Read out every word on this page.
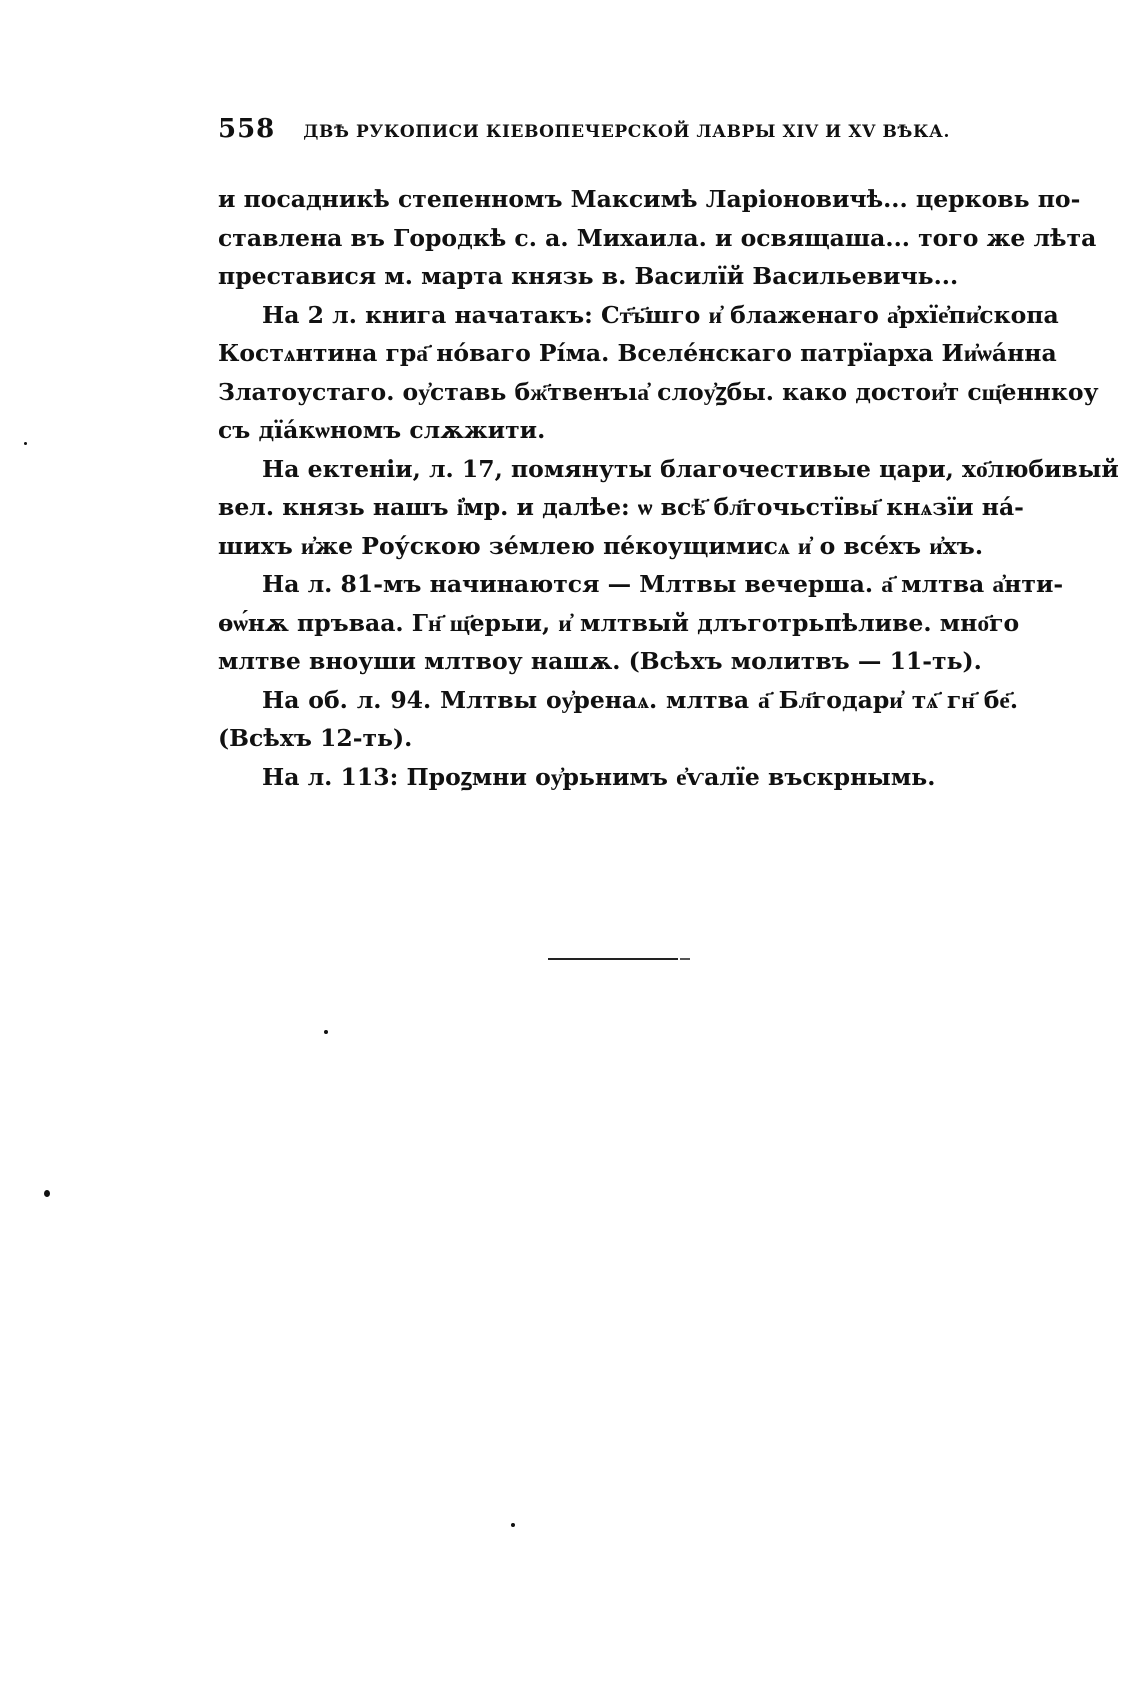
558 ДВѢ РУКОПИСИ КІЕВОПЕЧЕРСКОЙ ЛАВРЫ XIV И XV ВѢКА.
и посадникѣ степенномъ Максимѣ Ларіоновичѣ... церковь по-
ставлена въ Городкѣ с. а. Михаила. и освящаша... того же лѣта
преставися м. марта князь в. Василїй Васильевичь...
На 2 л. книга начатакъ: Ст҃ъ҃шго и҆ блаженаго а҆рхїе҆пи҆скопа
Костѧнтина гра҃ но́ваго Рі́ма. Вселе́нскаго патрїарха Ии҆ѡа́нна
Златоустаго. оу҆ставь бж҃твенъıа҆ слоу҆ꙁбы. како достои҆т сщ҃еннкоу
съ дїа́кѡномъ слѫжити.
На ектеніи, л. 17, помянуты благочестивые цари, хо҃любивый
вел. князь нашъ і҆мр. и далѣе: ѡ всѣ҃ бл҃гочьстївы҃ кнѧзїи на́-
шихъ и҆же Роу́скою зе́млею пе́коущимисѧ и҆ о все́хъ и҆хъ.
На л. 81-мъ начинаются — Млтвы вечерша. а҃ млтва а҆нти-
ѳѡ́нѫ пръваа. Гн҃ щ҃ерыи, и҆ млтвый длъготрьпѣливе. мно҃го
млтве вноуши млтвоу нашѫ. (Всѣхъ молитвъ — 11-ть).
На об. л. 94. Млтвы оу҆ренаѧ. млтва а҃ Бл҃годари҆ тѧ҃ гн҃ бе҃.
(Всѣхъ 12-ть).
На л. 113: Проꙁмни оу҆рьнимъ е҆ѵалїе въскрнымь.
